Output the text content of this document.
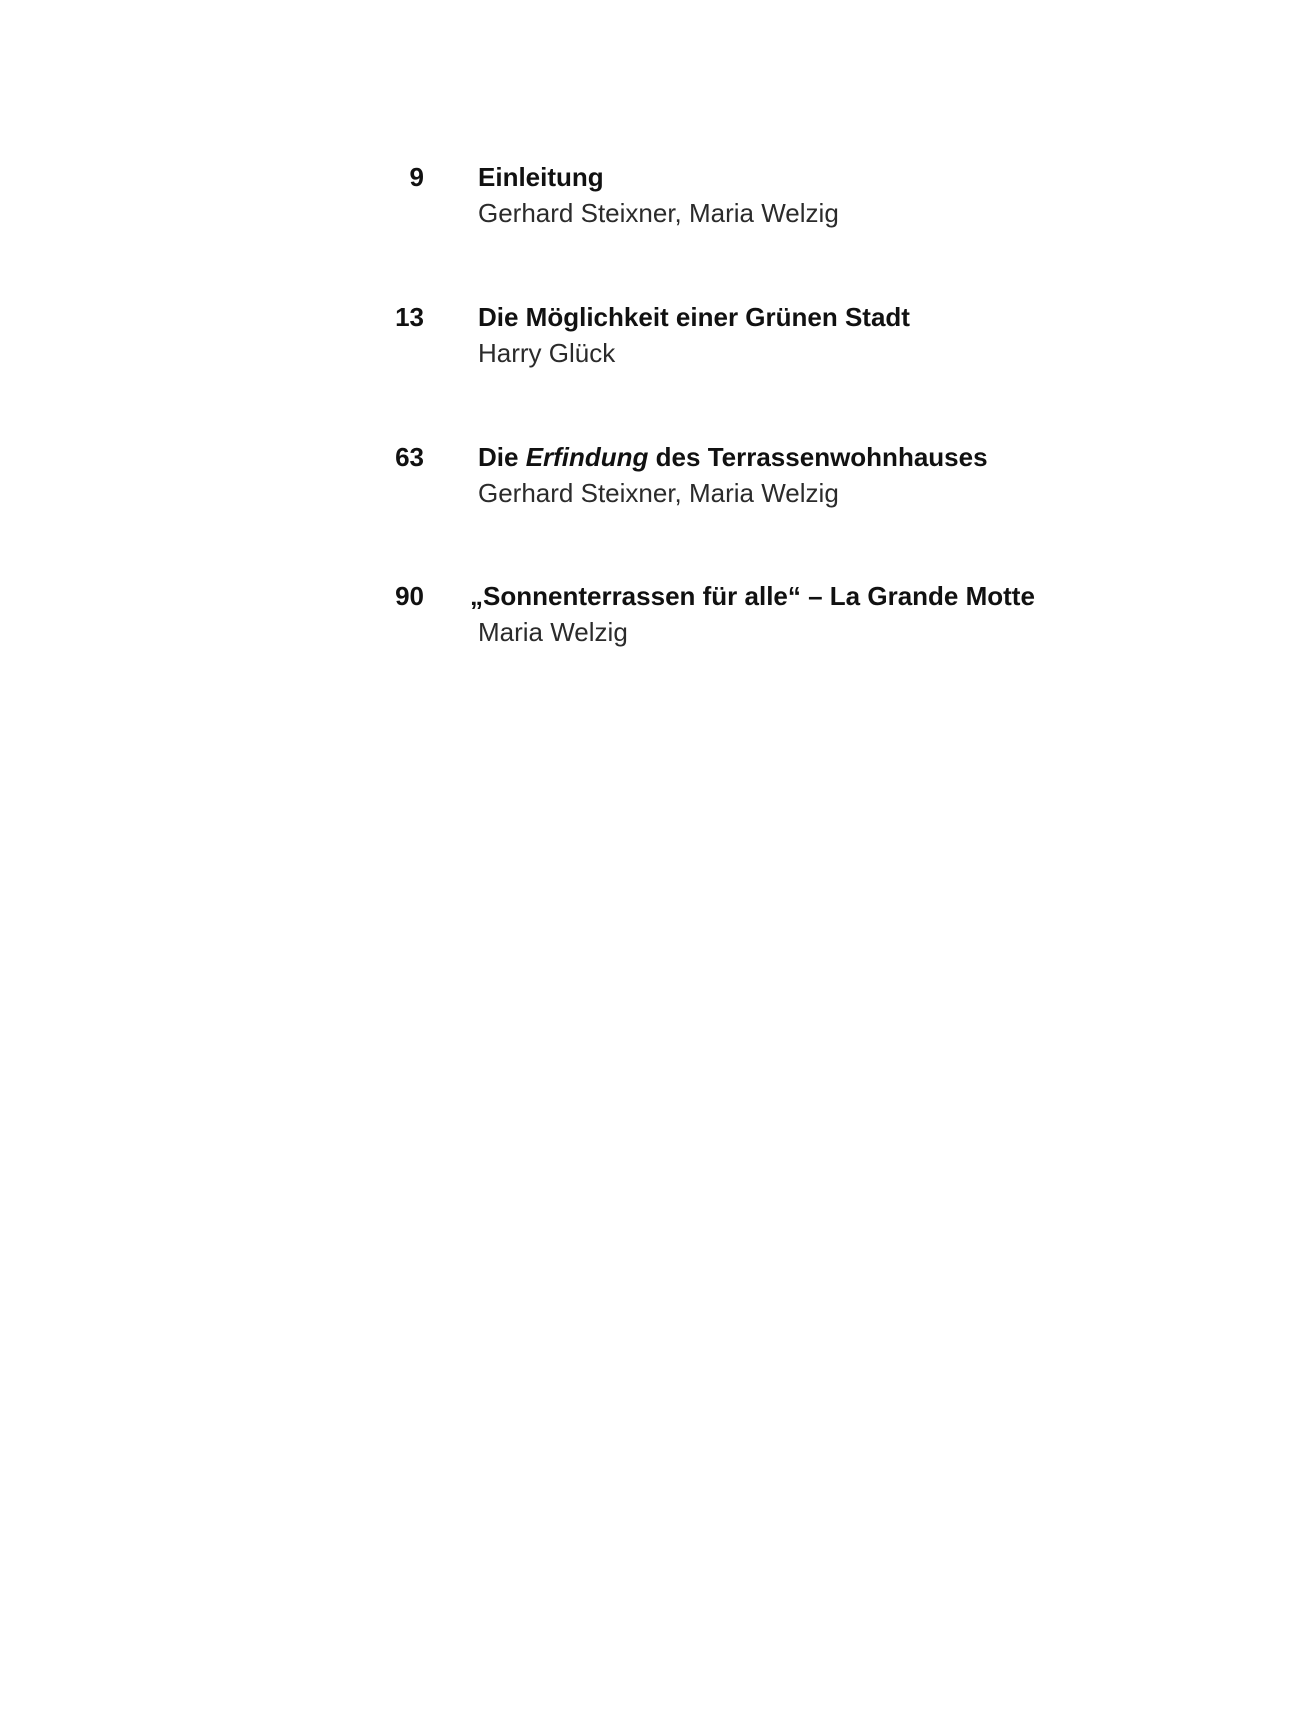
9 Einleitung
Gerhard Steixner, Maria Welzig
13 Die Möglichkeit einer Grünen Stadt
Harry Glück
63 Die Erfindung des Terrassenwohnhauses
Gerhard Steixner, Maria Welzig
90 „Sonnenterrassen für alle“ – La Grande Motte
Maria Welzig
